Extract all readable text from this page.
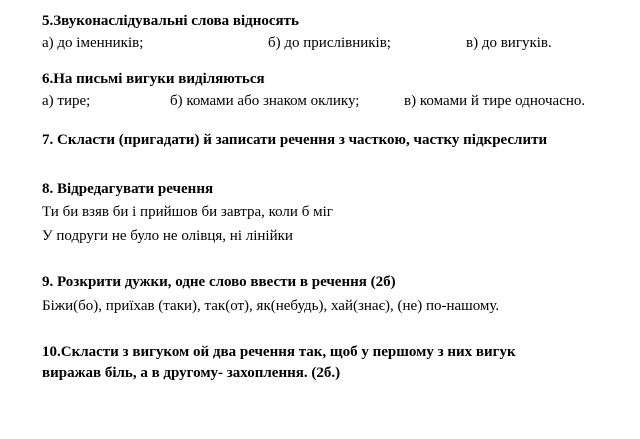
5.Звуконаслідувальні слова відносять
а) до іменників;	б) до прислівників;	в) до вигуків.
6.На письмі вигуки виділяються
а) тире;	б) комами або знаком оклику;	в) комами й тире одночасно.
7. Скласти (пригадати) й записати речення з часткою, частку підкреслити
8. Відредагувати речення
Ти би взяв би і прийшов би завтра, коли б міг
У подруги не було не олівця, ні лінійки
9. Розкрити дужки, одне слово ввести в речення (2б)
Біжи(бо), приїхав (таки), так(от), як(небудь), хай(знає), (не) по-нашому.
10.Скласти з вигуком ой два речення так, щоб у першому з них вигук
виражав біль, а в другому- захоплення. (2б.)
